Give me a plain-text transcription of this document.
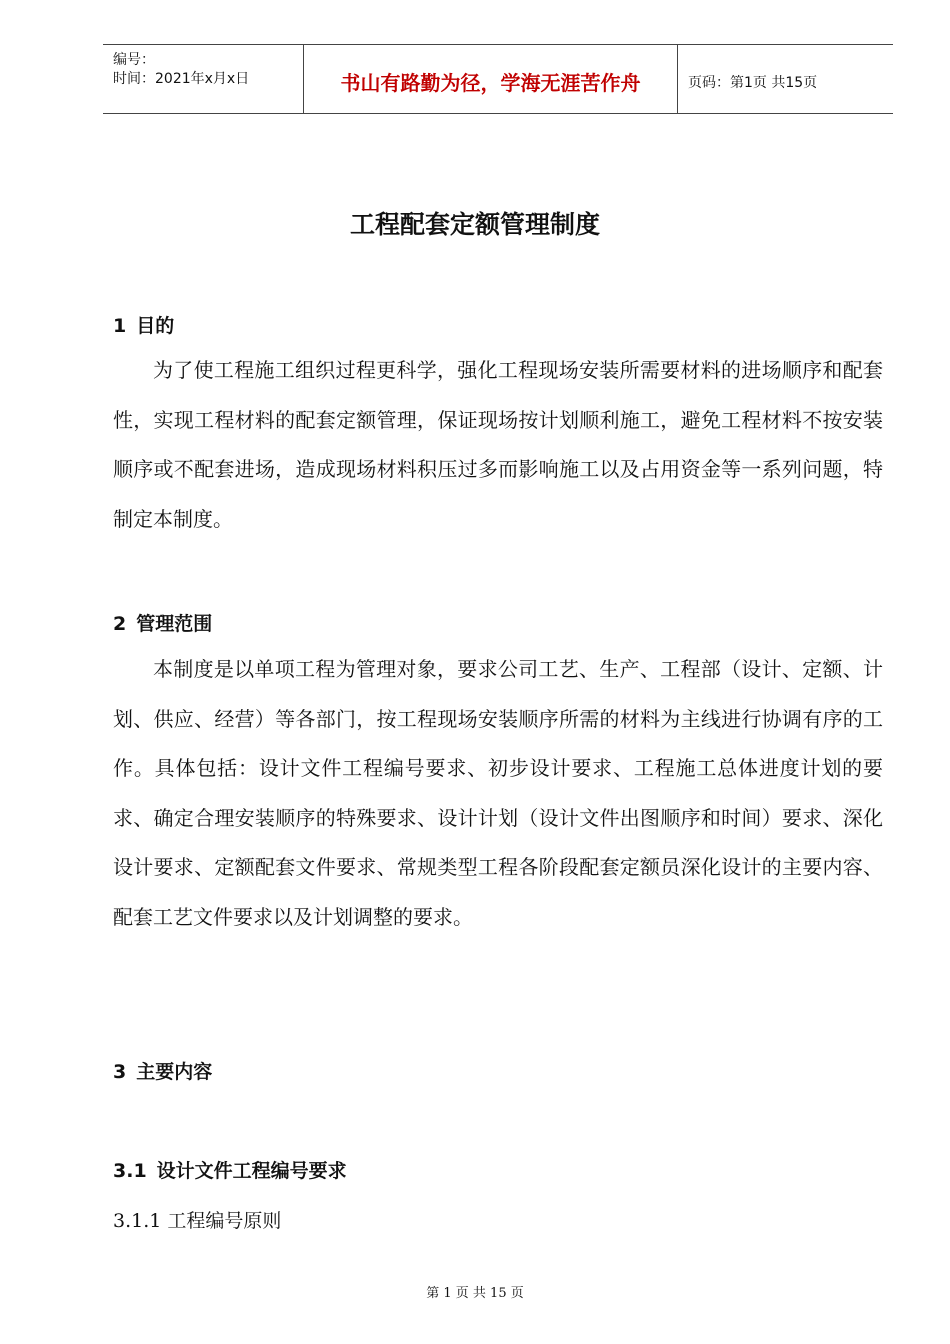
编号：
时间：2021年x月x日	书山有路勤为径，学海无涯苦作舟	页码：第1页 共15页
工程配套定额管理制度
1 目的

为了使工程施工组织过程更科学，强化工程现场安装所需要材料的进场顺序和配套性，实现工程材料的配套定额管理，保证现场按计划顺利施工，避免工程材料不按安装顺序或不配套进场，造成现场材料积压过多而影响施工以及占用资金等一系列问题，特制定本制度。

2 管理范围

本制度是以单项工程为管理对象，要求公司工艺、生产、工程部（设计、定额、计划、供应、经营）等各部门，按工程现场安装顺序所需的材料为主线进行协调有序的工作。具体包括：设计文件工程编号要求、初步设计要求、工程施工总体进度计划的要求、确定合理安装顺序的特殊要求、设计计划（设计文件出图顺序和时间）要求、深化设计要求、定额配套文件要求、常规类型工程各阶段配套定额员深化设计的主要内容、配套工艺文件要求以及计划调整的要求。

3 主要内容
3.1 设计文件工程编号要求
3.1.1 工程编号原则
第 1 页 共 15 页
